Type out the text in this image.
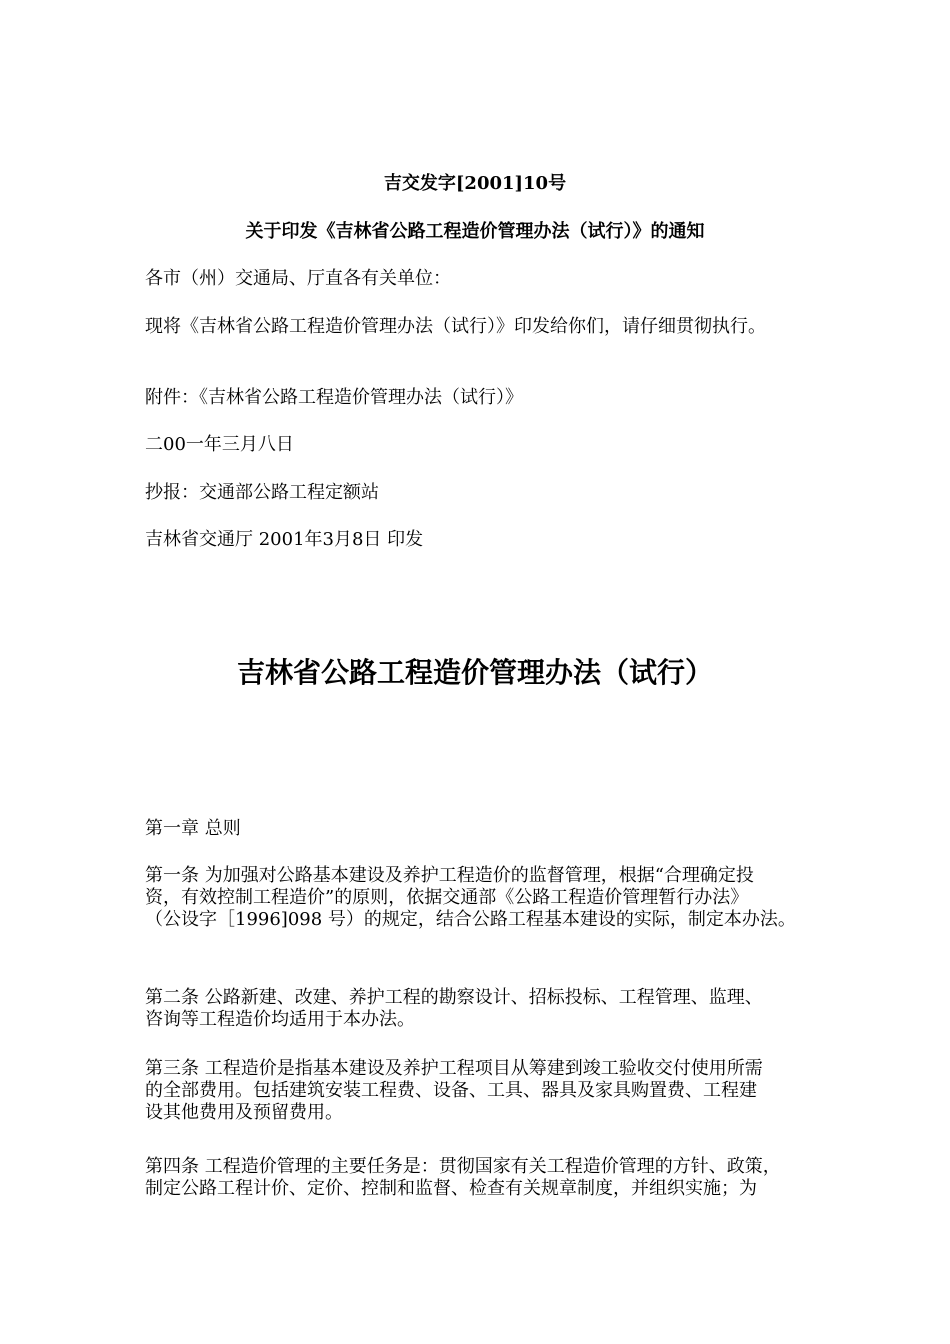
吉交发字[2001]10号

关于印发《吉林省公路工程造价管理办法（试行）》的通知

各市（州）交通局、厅直各有关单位：

现将《吉林省公路工程造价管理办法（试行）》印发给你们，请仔细贯彻执行。

附件：《吉林省公路工程造价管理办法（试行）》

二00一年三月八日

抄报：交通部公路工程定额站

吉林省交通厅 2001年3月8日 印发

吉林省公路工程造价管理办法（试行）

第一章 总则

第一条 为加强对公路基本建设及养护工程造价的监督管理，根据“合理确定投
资，有效控制工程造价”的原则，依据交通部《公路工程造价管理暂行办法》
（公设字［1996]098 号）的规定，结合公路工程基本建设的实际，制定本办法。
第二条 公路新建、改建、养护工程的勘察设计、招标投标、工程管理、监理、
咨询等工程造价均适用于本办法。
第三条 工程造价是指基本建设及养护工程项目从筹建到竣工验收交付使用所需
的全部费用。包括建筑安装工程费、设备、工具、器具及家具购置费、工程建
设其他费用及预留费用。
第四条 工程造价管理的主要任务是：贯彻国家有关工程造价管理的方针、政策，
制定公路工程计价、定价、控制和监督、检查有关规章制度，并组织实施；为
